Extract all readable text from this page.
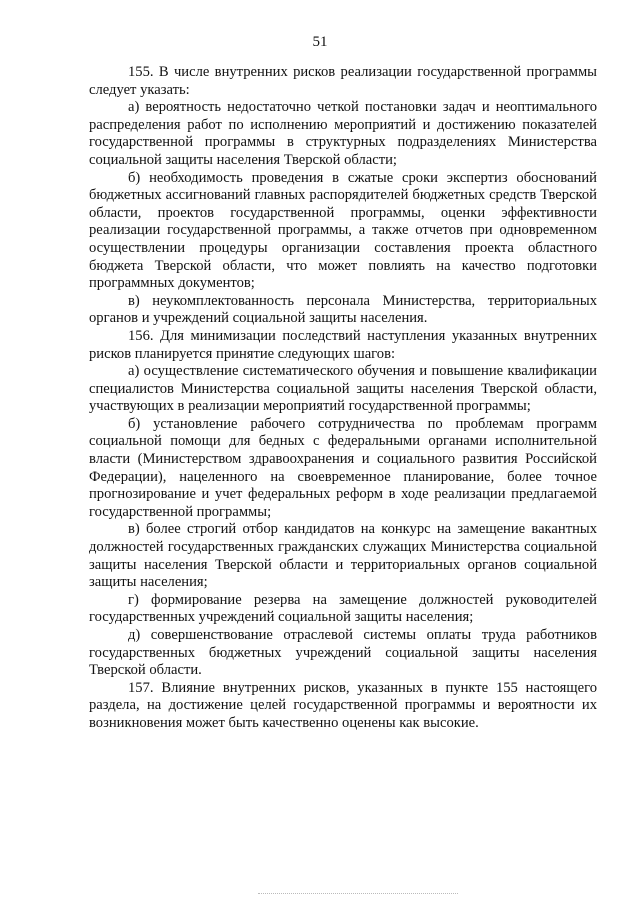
51

155. В числе внутренних рисков реализации государственной программы следует указать:

а) вероятность недостаточно четкой постановки задач и неоптимального распределения работ по исполнению мероприятий и достижению показателей государственной программы в структурных подразделениях Министерства социальной защиты населения Тверской области;

б) необходимость проведения в сжатые сроки экспертиз обоснований бюджетных ассигнований главных распорядителей бюджетных средств Тверской области, проектов государственной программы, оценки эффективности реализации государственной программы, а также отчетов при одновременном осуществлении процедуры организации составления проекта областного бюджета Тверской области, что может повлиять на качество подготовки программных документов;

в) неукомплектованность персонала Министерства, территориальных органов и учреждений социальной защиты населения.

156. Для минимизации последствий наступления указанных внутренних рисков планируется принятие следующих шагов:

а) осуществление систематического обучения и повышение квалификации специалистов Министерства социальной защиты населения Тверской области, участвующих в реализации мероприятий государственной программы;

б) установление рабочего сотрудничества по проблемам программ социальной помощи для бедных с федеральными органами исполнительной власти (Министерством здравоохранения и социального развития Российской Федерации), нацеленного на своевременное планирование, более точное прогнозирование и учет федеральных реформ в ходе реализации предлагаемой государственной программы;

в) более строгий отбор кандидатов на конкурс на замещение вакантных должностей государственных гражданских служащих Министерства социальной защиты населения Тверской области и территориальных органов социальной защиты населения;

г) формирование резерва на замещение должностей руководителей государственных учреждений социальной защиты населения;

д) совершенствование отраслевой системы оплаты труда работников государственных бюджетных учреждений социальной защиты населения Тверской области.

157. Влияние внутренних рисков, указанных в пункте 155 настоящего раздела, на достижение целей государственной программы и вероятности их возникновения может быть качественно оценены как высокие.
